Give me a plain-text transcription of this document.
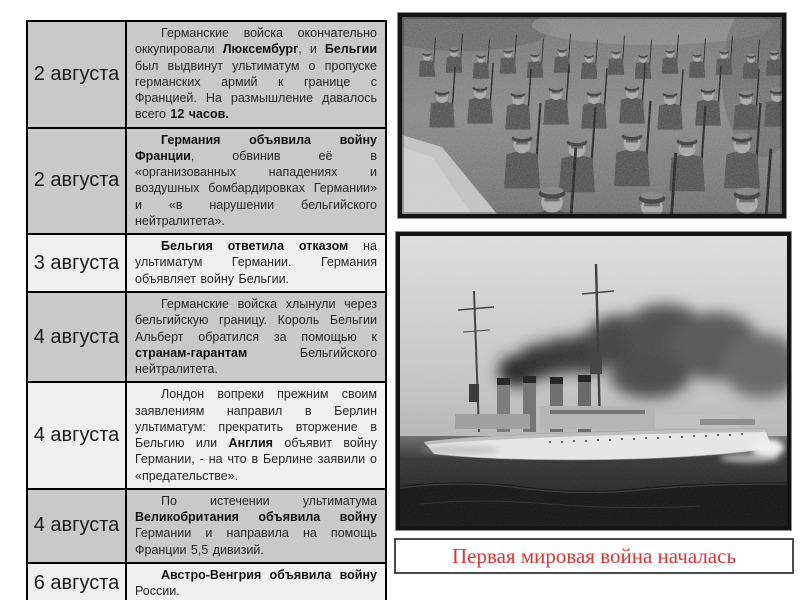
2 августа	Германские войска окончательно оккупировали Люксембург, и Бельгии был выдвинут ультиматум о пропуске германских армий к границе с Францией. На размышление давалось всего 12 часов.

2 августа	Германия объявила войну Франции, обвинив её в «организованных нападениях и воздушных бомбардировках Германии» и «в нарушении бельгийского нейтралитета».

3 августа	Бельгия ответила отказом на ультиматум Германии. Германия объявляет войну Бельгии.

4 августа	Германские войска хлынули через бельгийскую границу. Король Бельгии Альберт обратился за помощью к странам-гарантам Бельгийского нейтралитета.

4 августа	Лондон вопреки прежним своим заявлениям направил в Берлин ультиматум: прекратить вторжение в Бельгию или Англия объявит войну Германии, - на что в Берлине заявили о «предательстве».

4 августа	По истечении ультиматума Великобритания объявила войну Германии и направила на помощь Франции 5,5 дивизий.

6 августа	Австро-Венгрия объявила войну России.
Первая мировая война началась
